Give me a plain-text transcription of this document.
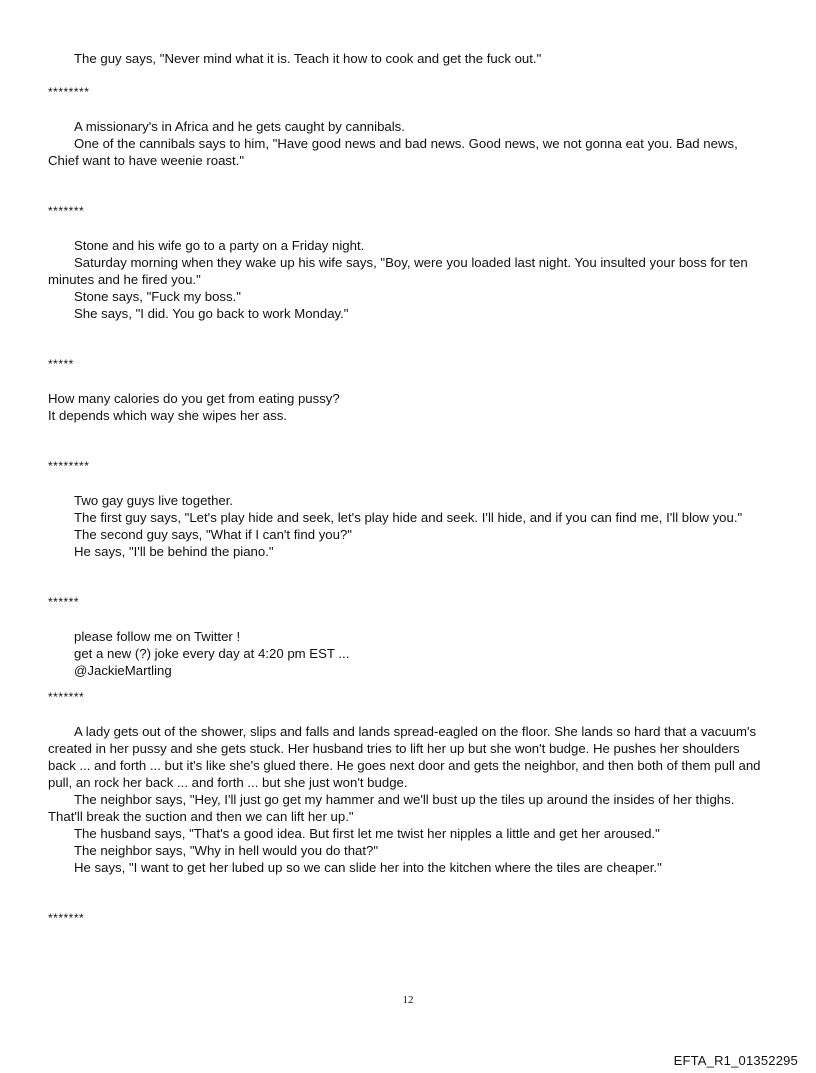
The guy says, "Never mind what it is. Teach it how to cook and get the fuck out."

********

A missionary's in Africa and he gets caught by cannibals.

One of the cannibals says to him, "Have good news and bad news. Good news, we not gonna eat you. Bad news, Chief want to have weenie roast."

*******

Stone and his wife go to a party on a Friday night.

Saturday morning when they wake up his wife says, "Boy, were you loaded last night. You insulted your boss for ten minutes and he fired you."

Stone says, "Fuck my boss."

She says, "I did. You go back to work Monday."

*****

How many calories do you get from eating pussy?

It depends which way she wipes her ass.

********

Two gay guys live together.

The first guy says, "Let's play hide and seek, let's play hide and seek. I'll hide, and if you can find me, I'll blow you."

The second guy says, "What if I can't find you?"

He says, "I'll be behind the piano."

******

please follow me on Twitter !

get a new (?) joke every day at 4:20 pm EST ...

@JackieMartling

*******

A lady gets out of the shower, slips and falls and lands spread-eagled on the floor. She lands so hard that a vacuum's created in her pussy and she gets stuck. Her husband tries to lift her up but she won't budge. He pushes her shoulders back ... and forth ... but it's like she's glued there. He goes next door and gets the neighbor, and then both of them pull and pull, an rock her back ... and forth ... but she just won't budge.

The neighbor says, "Hey, I'll just go get my hammer and we'll bust up the tiles up around the insides of her thighs. That'll break the suction and then we can lift her up."

The husband says, "That's a good idea. But first let me twist her nipples a little and get her aroused."

The neighbor says, "Why in hell would you do that?"

He says, "I want to get her lubed up so we can slide her into the kitchen where the tiles are cheaper."

*******

12
EFTA_R1_01352295
